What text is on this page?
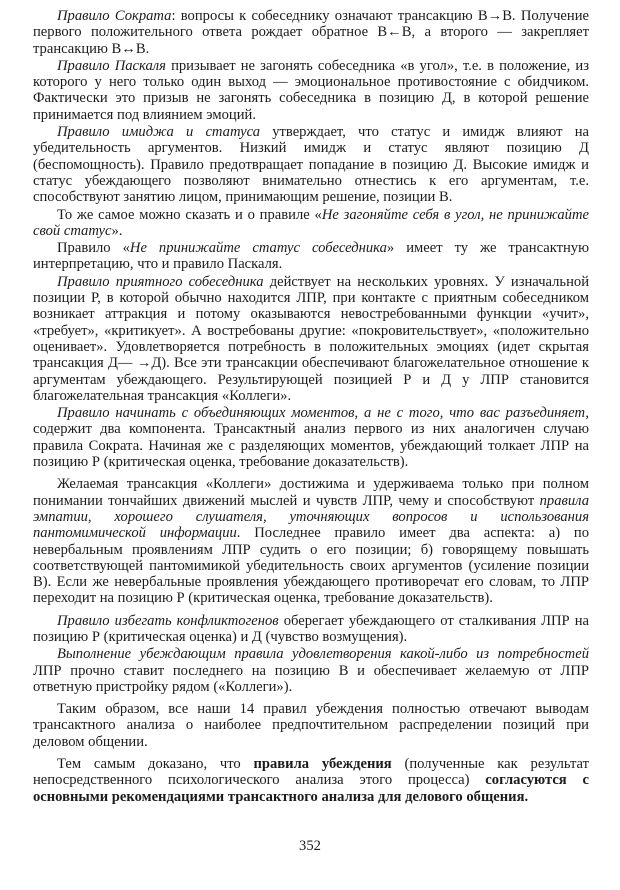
Правило Сократа: вопросы к собеседнику означают трансакцию В→В. Получение первого положительного ответа рождает обратное В←В, а второго — закрепляет трансакцию В↔В.

Правило Паскаля призывает не загонять собеседника «в угол», т.е. в положение, из которого у него только один выход — эмоциональное противостояние с обидчиком. Фактически это призыв не загонять собеседника в позицию Д, в которой решение принимается под влиянием эмоций.

Правило имиджа и статуса утверждает, что статус и имидж влияют на убедительность аргументов. Низкий имидж и статус являют позицию Д (беспомощность). Правило предотвращает попадание в позицию Д. Высокие имидж и статус убеждающего позволяют внимательно отнестись к его аргументам, т.е. способствуют занятию лицом, принимающим решение, позиции В.

То же самое можно сказать и о правиле «Не загоняйте себя в угол, не принижайте свой статус».

Правило «Не принижайте статус собеседника» имеет ту же трансактную интерпретацию, что и правило Паскаля.

Правило приятного собеседника действует на нескольких уровнях. У изначальной позиции Р, в которой обычно находится ЛПР, при контакте с приятным собеседником возникает аттракция и потому оказываются невостребованными функции «учит», «требует», «критикует». А востребованы другие: «покровительствует», «положительно оценивает». Удовлетворяется потребность в положительных эмоциях (идет скрытая трансакция Д— →Д). Все эти трансакции обеспечивают благожелательное отношение к аргументам убеждающего. Результирующей позицией Р и Д у ЛПР становится благожелательная трансакция «Коллеги».

Правило начинать с объединяющих моментов, а не с того, что вас разъединяет, содержит два компонента. Трансактный анализ первого из них аналогичен случаю правила Сократа. Начиная же с разделяющих моментов, убеждающий толкает ЛПР на позицию Р (критическая оценка, требование доказательств).

Желаемая трансакция «Коллеги» достижима и удерживаема только при полном понимании тончайших движений мыслей и чувств ЛПР, чему и способствуют правила эмпатии, хорошего слушателя, уточняющих вопросов и использования пантомимической информации. Последнее правило имеет два аспекта: а) по невербальным проявлениям ЛПР судить о его позиции; б) говорящему повышать соответствующей пантомимикой убедительность своих аргументов (усиление позиции В). Если же невербальные проявления убеждающего противоречат его словам, то ЛПР переходит на позицию Р (критическая оценка, требование доказательств).

Правило избегать конфликтогенов оберегает убеждающего от сталкивания ЛПР на позицию Р (критическая оценка) и Д (чувство возмущения).

Выполнение убеждающим правила удовлетворения какой-либо из потребностей ЛПР прочно ставит последнего на позицию В и обеспечивает желаемую от ЛПР ответную пристройку рядом («Коллеги»).

Таким образом, все наши 14 правил убеждения полностью отвечают выводам трансактного анализа о наиболее предпочтительном распределении позиций при деловом общении.

Тем самым доказано, что правила убеждения (полученные как результат непосредственного психологического анализа этого процесса) согласуются с основными рекомендациями трансактного анализа для делового общения.

352
